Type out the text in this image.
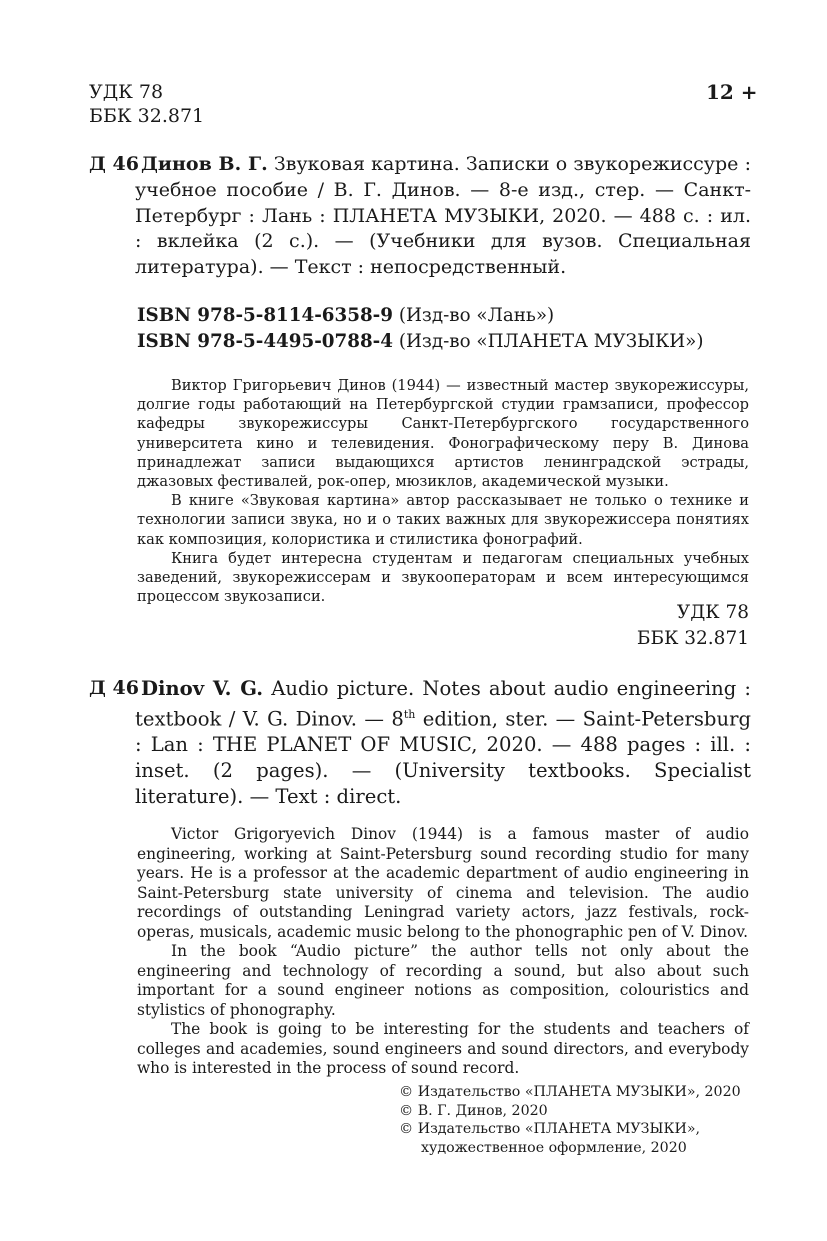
УДК 78
ББК 32.871
12 +
Д 46 Динов В. Г. Звуковая картина. Записки о звукорежиссуре : учебное пособие / В. Г. Динов. — 8-е изд., стер. — Санкт-Петербург : Лань : ПЛАНЕТА МУЗЫКИ, 2020. — 488 с. : ил. : вклейка (2 с.). — (Учебники для вузов. Специальная литература). — Текст : непосредственный.
ISBN 978-5-8114-6358-9 (Изд-во «Лань»)
ISBN 978-5-4495-0788-4 (Изд-во «ПЛАНЕТА МУЗЫКИ»)

Виктор Григорьевич Динов (1944) — известный мастер звукорежиссуры, долгие годы работающий на Петербургской студии грамзаписи, профессор кафедры звукорежиссуры Санкт-Петербургского государственного университета кино и телевидения. Фонографическому перу В. Динова принадлежат записи выдающихся артистов ленинградской эстрады, джазовых фестивалей, рок-опер, мюзиклов, академической музыки.

В книге «Звуковая картина» автор рассказывает не только о технике и технологии записи звука, но и о таких важных для звукорежиссера понятиях как композиция, колористика и стилистика фонографий.

Книга будет интересна студентам и педагогам специальных учебных заведений, звукорежиссерам и звукооператорам и всем интересующимся процессом звукозаписи.

УДК 78
ББК 32.871
Д 46 Dinov V. G. Audio picture. Notes about audio engineering : textbook / V. G. Dinov. — 8th edition, ster. — Saint-Petersburg : Lan : THE PLANET OF MUSIC, 2020. — 488 pages : ill. : inset. (2 pages). — (University textbooks. Specialist literature). — Text : direct.

Victor Grigoryevich Dinov (1944) is a famous master of audio engineering, working at Saint-Petersburg sound recording studio for many years. He is a professor at the academic department of audio engineering in Saint-Petersburg state university of cinema and television. The audio recordings of outstanding Leningrad variety actors, jazz festivals, rock-operas, musicals, academic music belong to the phonographic pen of V. Dinov.

In the book “Audio picture” the author tells not only about the engineering and technology of recording a sound, but also about such important for a sound engineer notions as composition, colouristics and stylistics of phonography.

The book is going to be interesting for the students and teachers of colleges and academies, sound engineers and sound directors, and everybody who is interested in the process of sound record.

© Издательство «ПЛАНЕТА МУЗЫКИ», 2020
© В. Г. Динов, 2020
© Издательство «ПЛАНЕТА МУЗЫКИ»,
художественное оформление, 2020
